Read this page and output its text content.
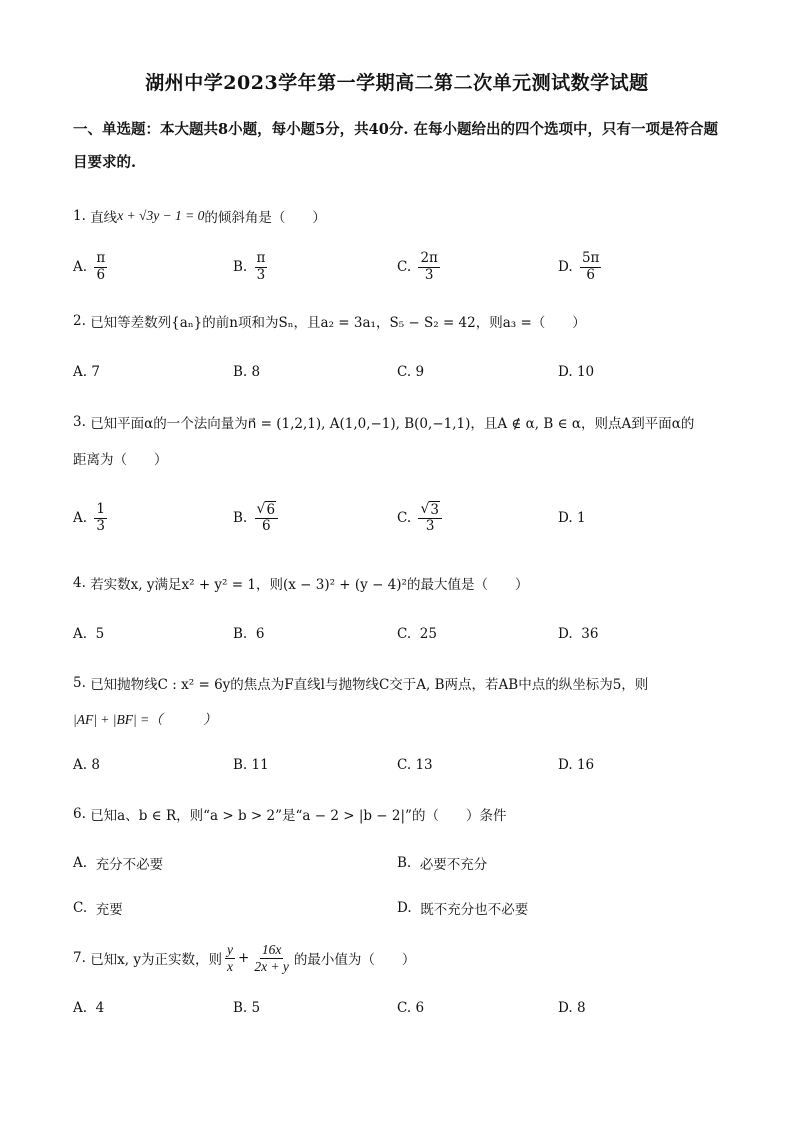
湖州中学2023学年第一学期高二第二次单元测试数学试题
一、单选题：本大题共8小题，每小题5分，共40分. 在每小题给出的四个选项中，只有一项是符合题目要求的.
1.
直线 x + √3y − 1 = 0 的倾斜角是（　　）
A.
$\frac{\pi}{6}$	B.
$\frac{\pi}{3}$	C.
$\frac{2\pi}{3}$	D.
$\frac{5\pi}{6}$
2.
已知等差数列{aₙ}的前n项和为Sₙ，且a₂ = 3a₁，S₅ − S₂ = 42，则a₃ =（　　）
A.
7	B.
8	C.
9	D.
10
3.
已知平面α的一个法向量为n⃗ = (1,2,1), A(1,0,−1), B(0,−1,1)，且A ∉ α, B ∈ α，则点A到平面α的
距离为（　　）
A.
$\frac{1}{3}$	B.
$\frac{√ 6}{6}$	C.
$\frac{√ 3}{3}$	D.
1
4.
若实数x, y满足x² + y² = 1，则(x − 3)² + (y − 4)²的最大值是（　　）
A.
5	B.
6	C.
25	D.
36
5.
已知抛物线C : x² = 6y的焦点为F直线l与抛物线C交于A, B两点，若AB中点的纵坐标为5，则
|AF| + |BF| =（　　　）
A.
8	B.
11	C.
13	D.
16
6.
已知a、b ∈ R，则“a > b > 2”是“a − 2 > |b − 2|”的（　　）条件
A.
充分不必要	B.
必要不充分
C.
充要	D.
既不充分也不必要
7.
已知x, y为正实数，则 $\frac{y}{x} + \frac{16x}{2x + y}$ 的最小值为（　　）
A.
4	B.
5	C.
6	D.
8
